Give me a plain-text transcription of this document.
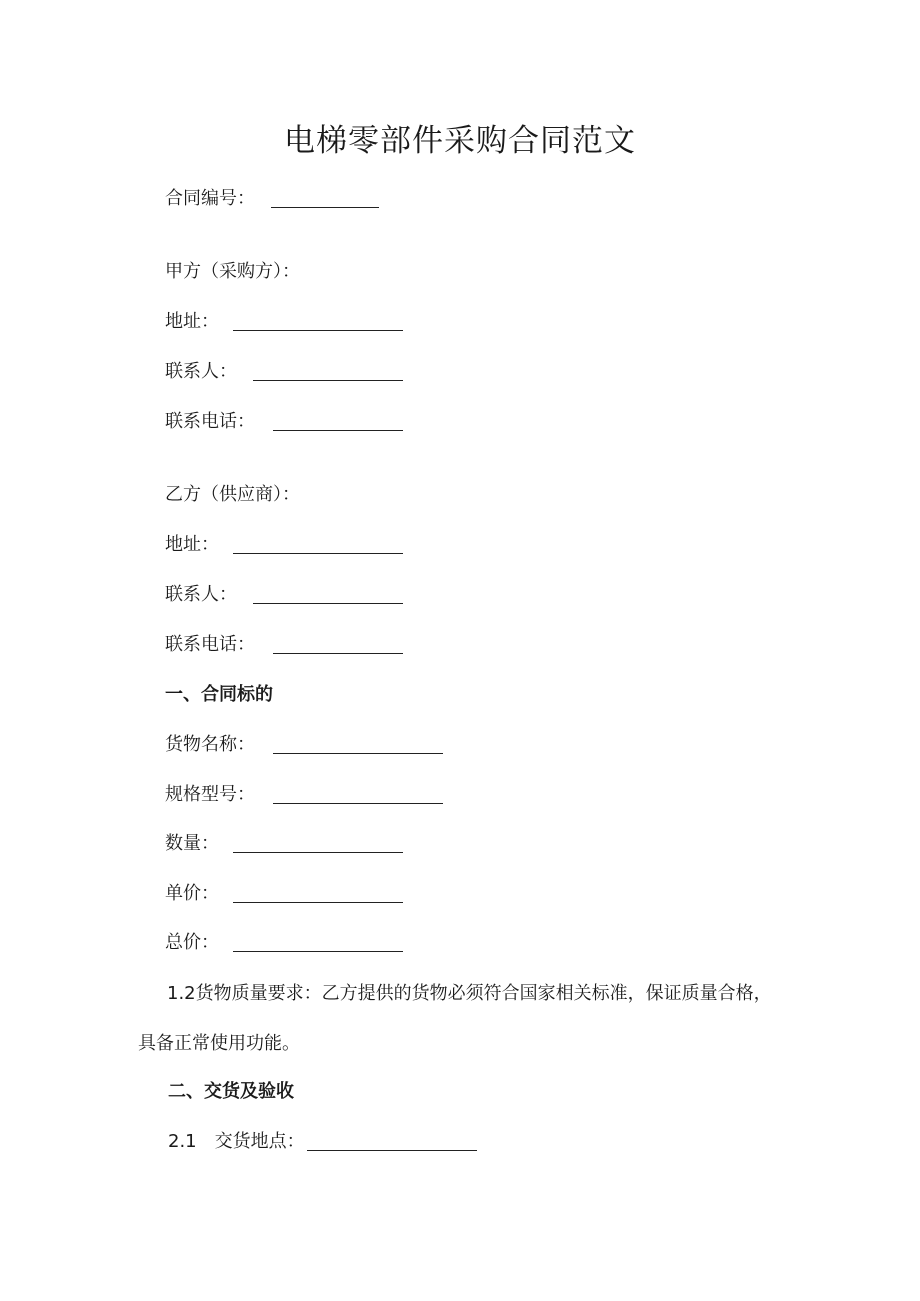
电梯零部件采购合同范文
合同编号：
甲方（采购方）：
地址：
联系人：
联系电话：
乙方（供应商）：
地址：
联系人：
联系电话：
一、合同标的
货物名称：
规格型号：
数量：
单价：
总价：
1.2货物质量要求：乙方提供的货物必须符合国家相关标准，保证质量合格，具备正常使用功能。
二、交货及验收
2.1 交货地点：
